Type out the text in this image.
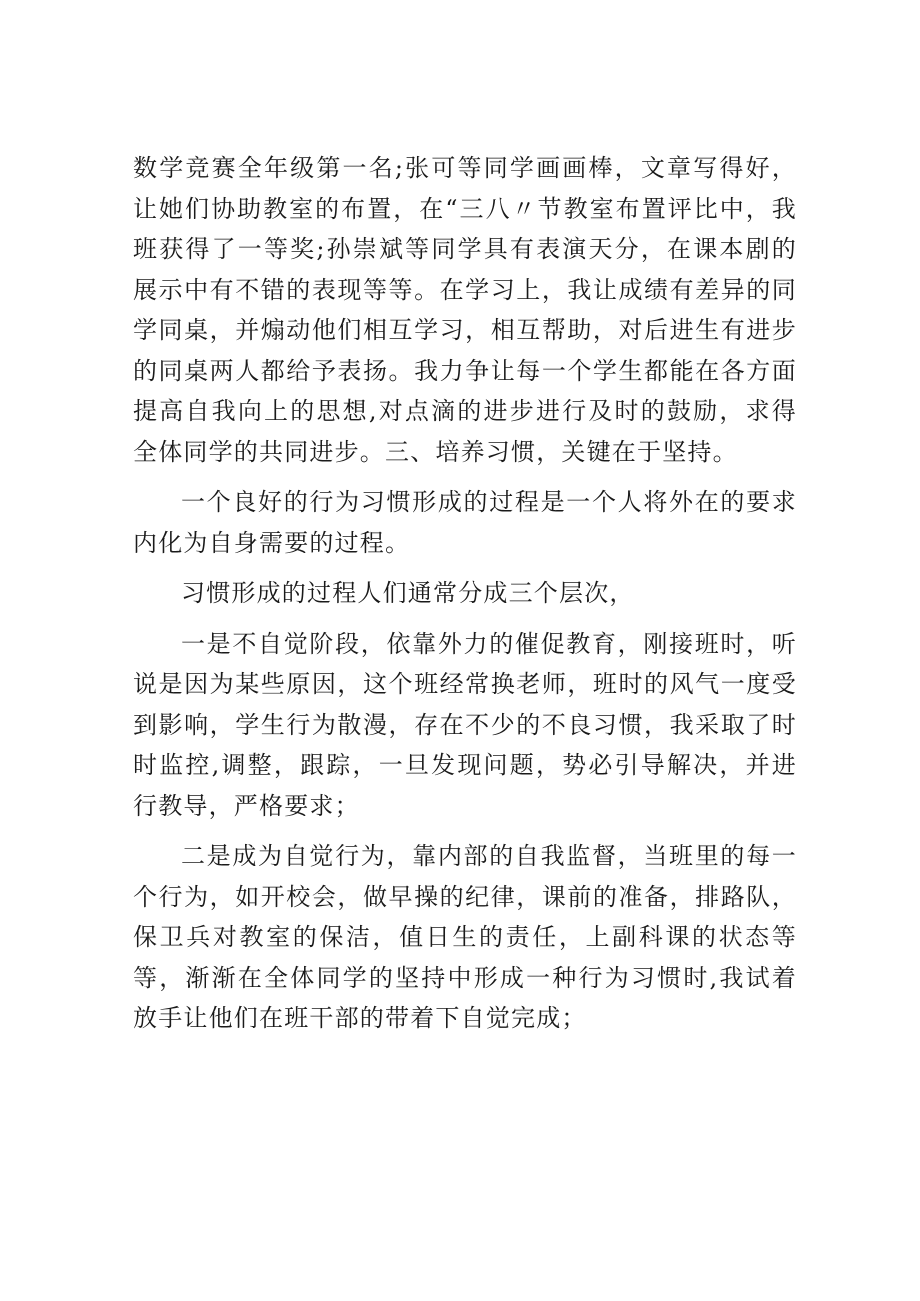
数学竞赛全年级第一名;张可等同学画画棒，文章写得好，让她们协助教室的布置，在“三八〃节教室布置评比中，我班获得了一等奖;孙崇斌等同学具有表演天分，在课本剧的展示中有不错的表现等等。在学习上，我让成绩有差异的同学同桌，并煽动他们相互学习，相互帮助，对后进生有进步的同桌两人都给予表扬。我力争让每一个学生都能在各方面提高自我向上的思想,对点滴的进步进行及时的鼓励，求得全体同学的共同进步。三、培养习惯，关键在于坚持。

一个良好的行为习惯形成的过程是一个人将外在的要求内化为自身需要的过程。

习惯形成的过程人们通常分成三个层次，

一是不自觉阶段，依靠外力的催促教育，刚接班时，听说是因为某些原因，这个班经常换老师，班时的风气一度受到影响，学生行为散漫，存在不少的不良习惯，我采取了时时监控,调整，跟踪，一旦发现问题，势必引导解决，并进行教导，严格要求；

二是成为自觉行为，靠内部的自我监督，当班里的每一个行为，如开校会，做早操的纪律，课前的准备，排路队，保卫兵对教室的保洁，值日生的责任，上副科课的状态等等，渐渐在全体同学的坚持中形成一种行为习惯时,我试着放手让他们在班干部的带着下自觉完成；
